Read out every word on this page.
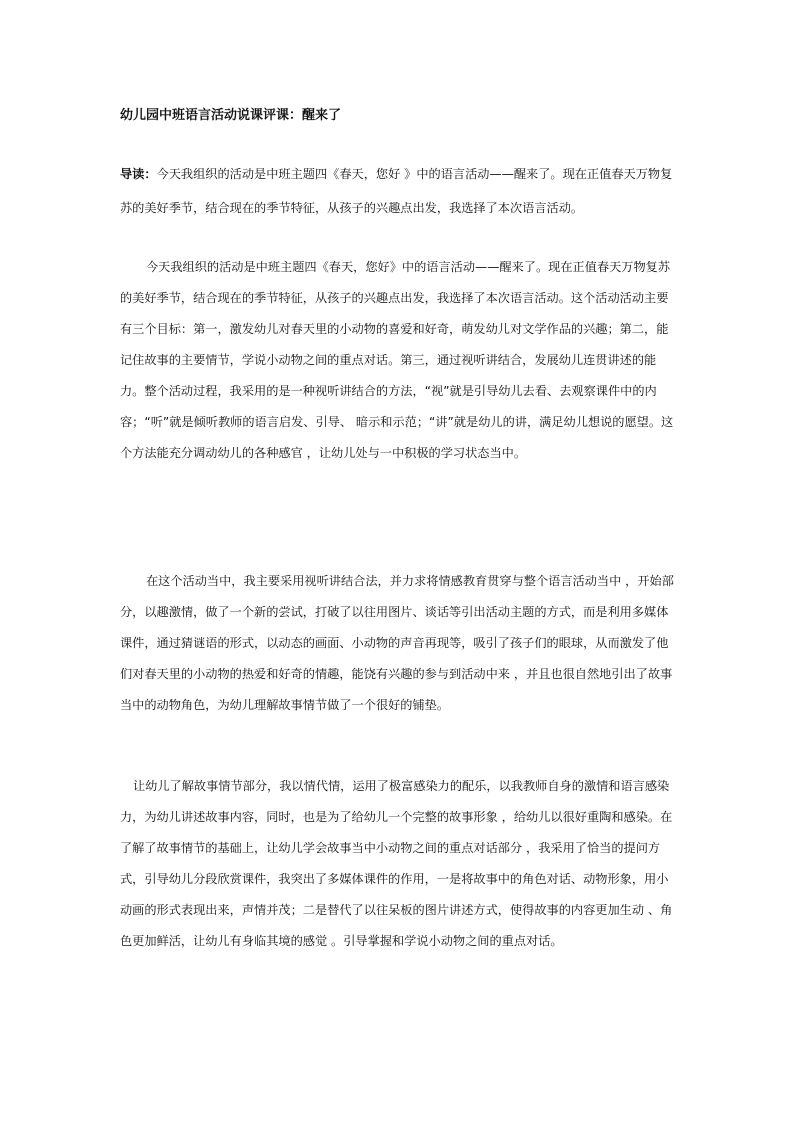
幼儿园中班语言活动说课评课：醒来了

导读：今天我组织的活动是中班主题四《春天，您好 》中的语言活动——醒来了。现在正值春天万物复苏的美好季节，结合现在的季节特征，从孩子的兴趣点出发，我选择了本次语言活动。

今天我组织的活动是中班主题四《春天，您好》中的语言活动——醒来了。现在正值春天万物复苏的美好季节，结合现在的季节特征，从孩子的兴趣点出发，我选择了本次语言活动。这个活动活动主要有三个目标：第一，激发幼儿对春天里的小动物的喜爱和好奇，萌发幼儿对文学作品的兴趣；第二，能记住故事的主要情节，学说小动物之间的重点对话。第三，通过视听讲结合，发展幼儿连贯讲述的能力。整个活动过程，我采用的是一种视听讲结合的方法，“视”就是引导幼儿去看、去观察课件中的内容；“听”就是倾听教师的语言启发、引导、 暗示和示范；“讲”就是幼儿的讲，满足幼儿想说的愿望。这个方法能充分调动幼儿的各种感官 ，让幼儿处与一中积极的学习状态当中。

在这个活动当中，我主要采用视听讲结合法，并力求将情感教育贯穿与整个语言活动当中 ，开始部分，以趣激情，做了一个新的尝试，打破了以往用图片、谈话等引出活动主题的方式，而是利用多媒体课件，通过猜谜语的形式，以动态的画面、小动物的声音再现等，吸引了孩子们的眼球，从而激发了他们对春天里的小动物的热爱和好奇的情趣，能饶有兴趣的参与到活动中来 ，并且也很自然地引出了故事当中的动物角色，为幼儿理解故事情节做了一个很好的铺垫。

让幼儿了解故事情节部分，我以情代情，运用了极富感染力的配乐，以我教师自身的激情和语言感染力，为幼儿讲述故事内容，同时，也是为了给幼儿一个完整的故事形象 ，给幼儿以很好重陶和感染。在了解了故事情节的基础上，让幼儿学会故事当中小动物之间的重点对话部分 ，我采用了恰当的提问方式，引导幼儿分段欣赏课件，我突出了多媒体课件的作用，一是将故事中的角色对话、动物形象，用小动画的形式表现出来，声情并茂；二是替代了以往呆板的图片讲述方式，使得故事的内容更加生动 、角色更加鲜活，让幼儿有身临其境的感觉 。引导掌握和学说小动物之间的重点对话。
